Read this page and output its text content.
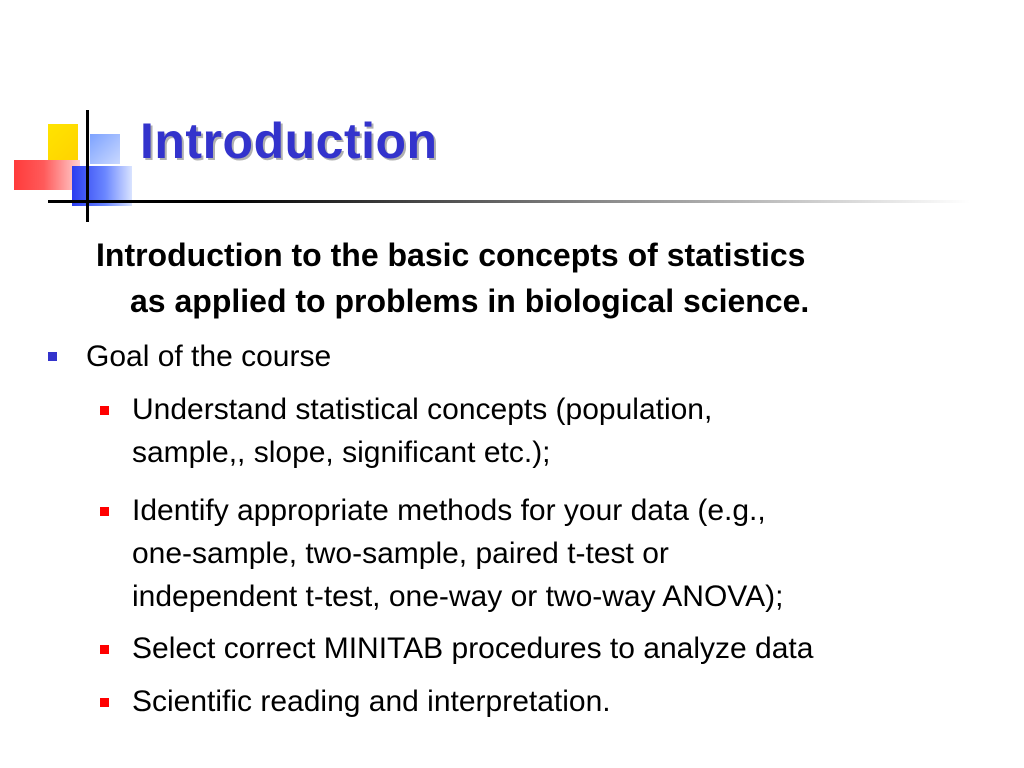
Introduction
Introduction to the basic concepts of statistics
as applied to problems in biological science.
Goal of the course
Understand statistical concepts (population,
sample,, slope, significant etc.);
Identify appropriate methods for your data (e.g.,
one-sample, two-sample, paired t-test or
independent t-test, one-way or two-way ANOVA);
Select correct MINITAB procedures to analyze data
Scientific reading and interpretation.
